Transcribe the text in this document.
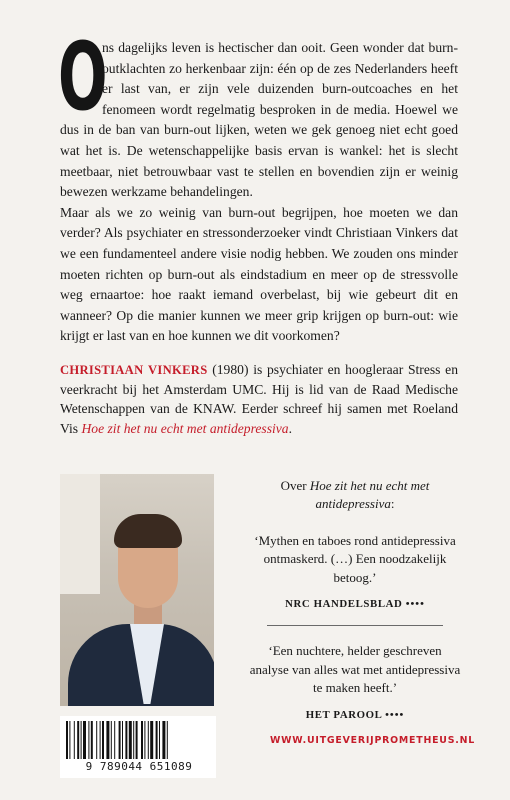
O

ns dagelijks leven is hectischer dan ooit. Geen wonder dat burn-outklachten zo herkenbaar zijn: één op de zes Nederlanders heeft er last van, er zijn vele duizenden burn-outcoaches en het fenomeen wordt regelmatig besproken in de media. Hoewel we dus in de ban van burn-out lijken, weten we gek genoeg niet echt goed wat het is. De wetenschappelijke basis ervan is wankel: het is slecht meetbaar, niet betrouwbaar vast te stellen en bovendien zijn er weinig bewezen werkzame behandelingen.

Maar als we zo weinig van burn-out begrijpen, hoe moeten we dan verder? Als psychiater en stressonderzoeker vindt Christiaan Vinkers dat we een fundamenteel andere visie nodig hebben. We zouden ons minder moeten richten op burn-out als eindstadium en meer op de stressvolle weg ernaartoe: hoe raakt iemand overbelast, bij wie gebeurt dit en wanneer? Op die manier kunnen we meer grip krijgen op burn-out: wie krijgt er last van en hoe kunnen we dit voorkomen?

CHRISTIAAN VINKERS (1980) is psychiater en hoogleraar Stress en veerkracht bij het Amsterdam UMC. Hij is lid van de Raad Medische Wetenschappen van de KNAW. Eerder schreef hij samen met Roeland Vis Hoe zit het nu echt met antidepressiva.

Over Hoe zit het nu echt met antidepressiva:

‘Mythen en taboes rond antidepressiva ontmaskerd. (…) Een noodzakelijk betoog.’

NRC HANDELSBLAD ••••

‘Een nuchtere, helder geschreven analyse van alles wat met antidepressiva te maken heeft.’

HET PAROOL ••••

9 789044 651089
WWW.UITGEVERIJPROMETHEUS.NL
